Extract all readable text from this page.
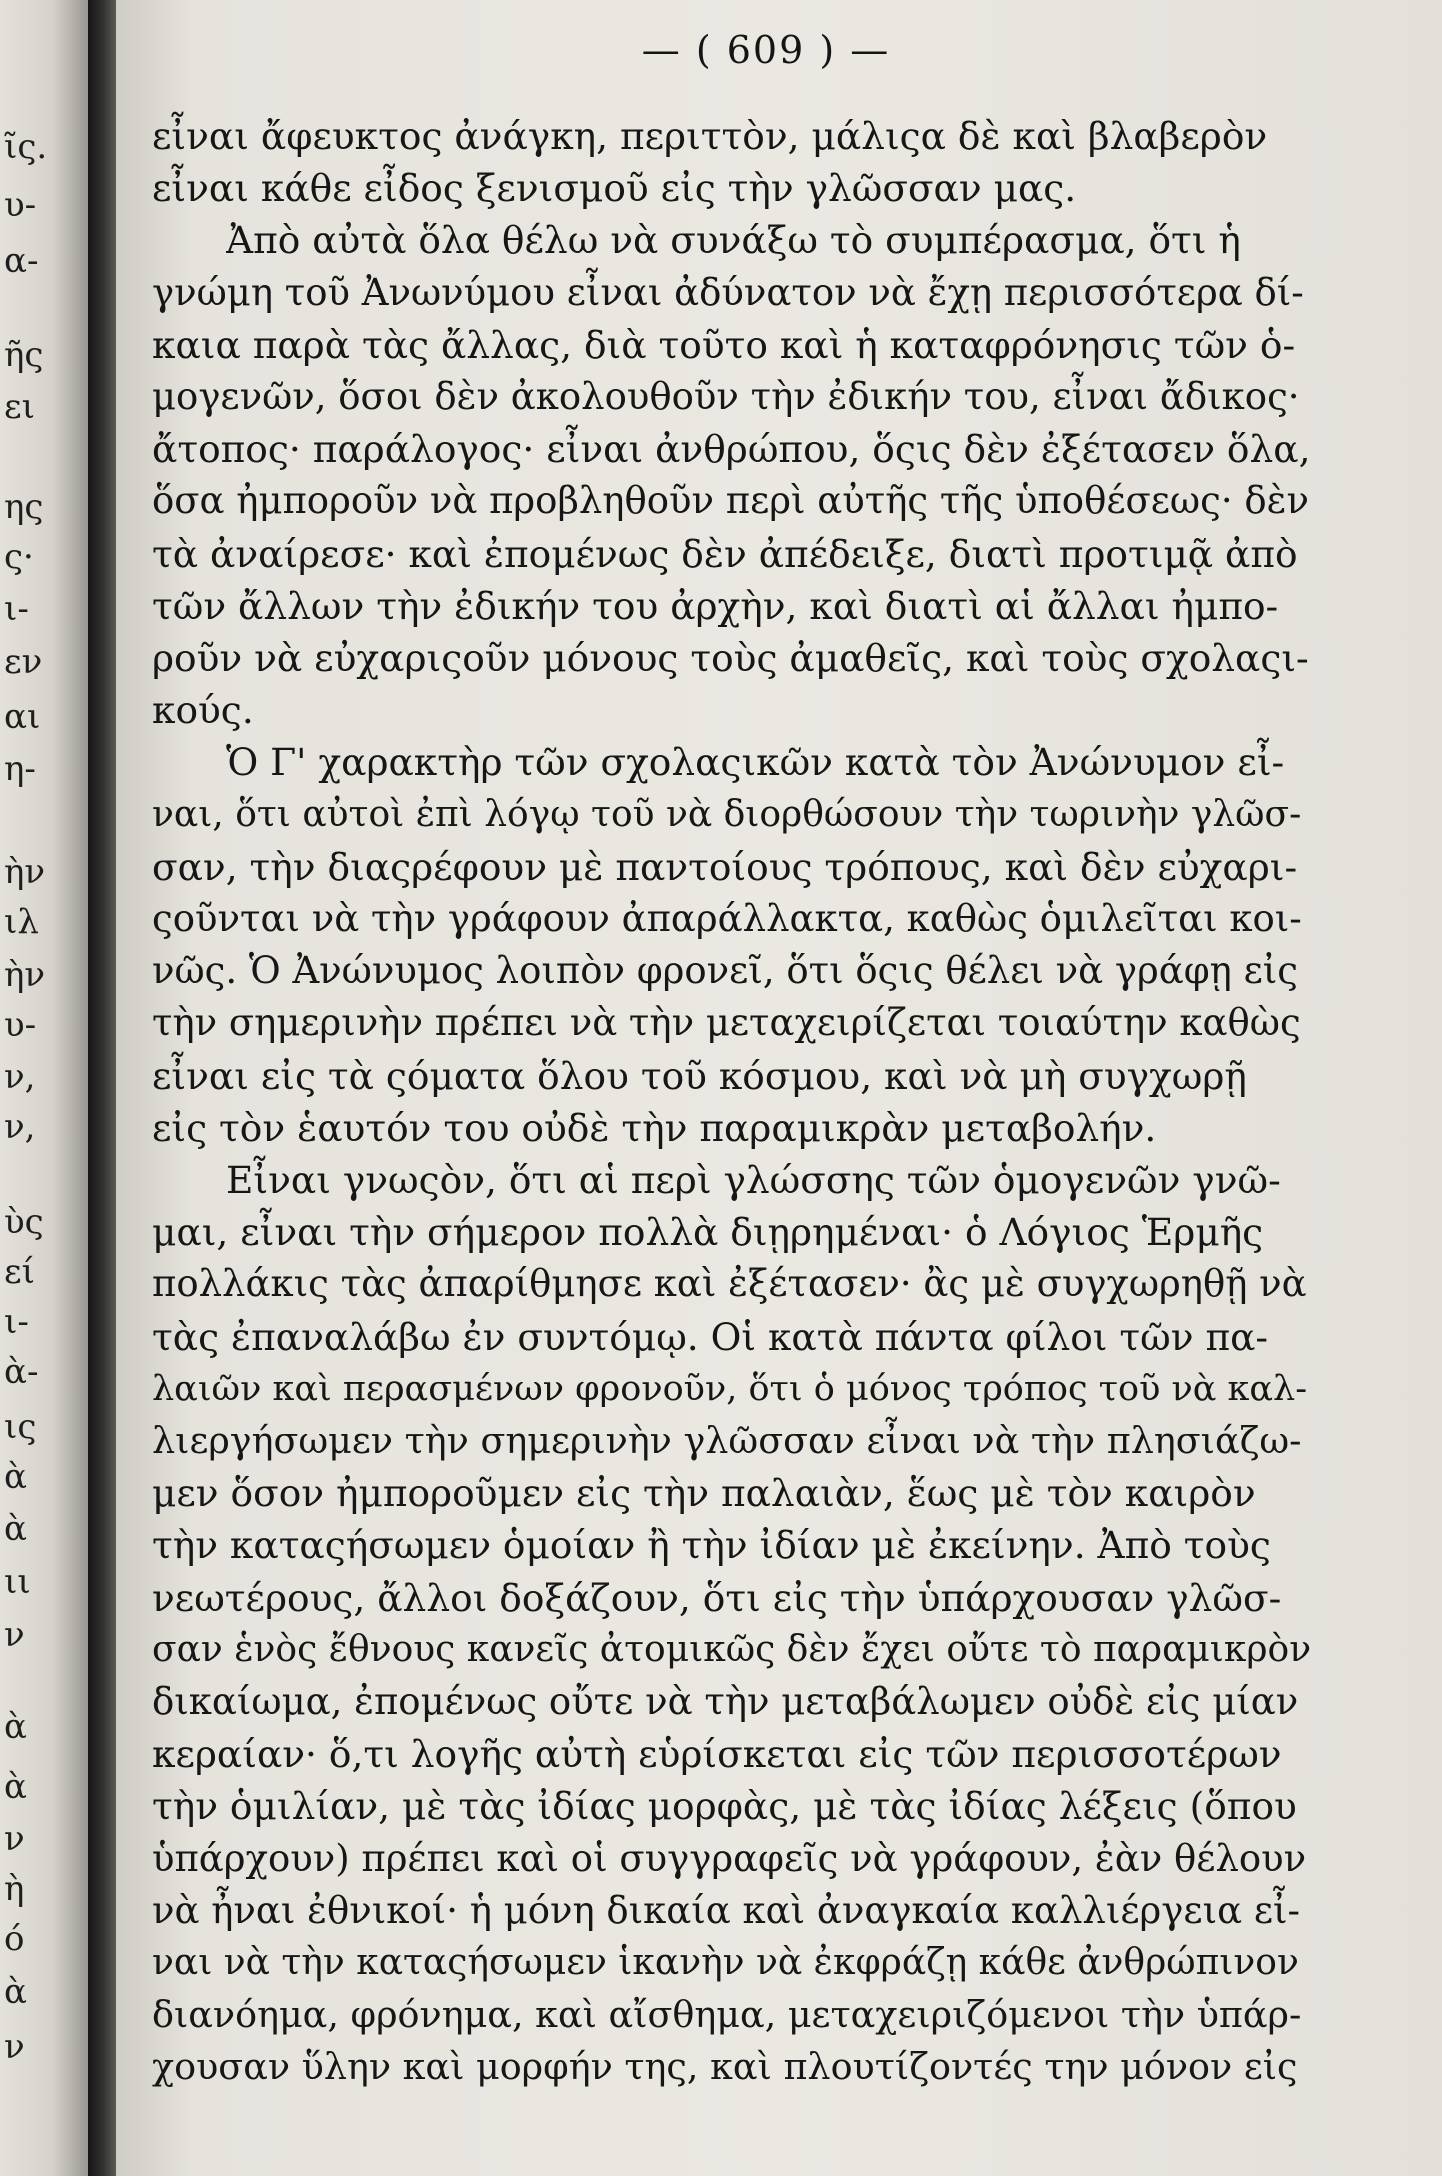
ῖς.
υ-
α-
ῆς
ει
ης
ς·
ι-
εν
αι
η-
ὴν
ιλ
ὴν
υ-
ν,
ν,
ὺς
εί
ι-
ὰ-
ις
ὰ
ὰ
ιι
ν
ὰ
ὰ
ν
ὴ
ό
ὰ
ν
— ( 609 ) —
εἶναι ἄφευκτος ἀνάγκη, περιττὸν, μάλιςα δὲ καὶ βλαβερὸν
εἶναι κάθε εἶδος ξενισμοῦ εἰς τὴν γλῶσσαν μας.
Ἀπὸ αὐτὰ ὅλα θέλω νὰ συνάξω τὸ συμπέρασμα, ὅτι ἡ
γνώμη τοῦ Ἀνωνύμου εἶναι ἀδύνατον νὰ ἔχῃ περισσότερα δί-
καια παρὰ τὰς ἄλλας, διὰ τοῦτο καὶ ἡ καταφρόνησις τῶν ὁ-
μογενῶν, ὅσοι δὲν ἀκολουθοῦν τὴν ἐδικήν του, εἶναι ἄδικος·
ἄτοπος· παράλογος· εἶναι ἀνθρώπου, ὅςις δὲν ἐξέτασεν ὅλα,
ὅσα ἠμποροῦν νὰ προβληθοῦν περὶ αὐτῆς τῆς ὑποθέσεως· δὲν
τὰ ἀναίρεσε· καὶ ἐπομένως δὲν ἀπέδειξε, διατὶ προτιμᾷ ἀπὸ
τῶν ἄλλων τὴν ἐδικήν του ἀρχὴν, καὶ διατὶ αἱ ἄλλαι ἠμπο-
ροῦν νὰ εὐχαριςοῦν μόνους τοὺς ἀμαθεῖς, καὶ τοὺς σχολαςι-
κούς.
Ὁ Γ' χαρακτὴρ τῶν σχολαςικῶν κατὰ τὸν Ἀνώνυμον εἶ-
ναι, ὅτι αὐτοὶ ἐπὶ λόγῳ τοῦ νὰ διορθώσουν τὴν τωρινὴν γλῶσ-
σαν, τὴν διαςρέφουν μὲ παντοίους τρόπους, καὶ δὲν εὐχαρι-
ςοῦνται νὰ τὴν γράφουν ἀπαράλλακτα, καθὼς ὁμιλεῖται κοι-
νῶς. Ὁ Ἀνώνυμος λοιπὸν φρονεῖ, ὅτι ὅςις θέλει νὰ γράφῃ εἰς
τὴν σημερινὴν πρέπει νὰ τὴν μεταχειρίζεται τοιαύτην καθὼς
εἶναι εἰς τὰ ςόματα ὅλου τοῦ κόσμου, καὶ νὰ μὴ συγχωρῇ
εἰς τὸν ἑαυτόν του οὐδὲ τὴν παραμικρὰν μεταβολήν.
Εἶναι γνωςὸν, ὅτι αἱ περὶ γλώσσης τῶν ὁμογενῶν γνῶ-
μαι, εἶναι τὴν σήμερον πολλὰ διῃρημέναι· ὁ Λόγιος Ἑρμῆς
πολλάκις τὰς ἀπαρίθμησε καὶ ἐξέτασεν· ἂς μὲ συγχωρηθῇ νὰ
τὰς ἐπαναλάβω ἐν συντόμῳ. Οἱ κατὰ πάντα φίλοι τῶν πα-
λαιῶν καὶ περασμένων φρονοῦν, ὅτι ὁ μόνος τρόπος τοῦ νὰ καλ-
λιεργήσωμεν τὴν σημερινὴν γλῶσσαν εἶναι νὰ τὴν πλησιάζω-
μεν ὅσον ἠμποροῦμεν εἰς τὴν παλαιὰν, ἕως μὲ τὸν καιρὸν
τὴν καταςήσωμεν ὁμοίαν ἢ τὴν ἰδίαν μὲ ἐκείνην. Ἀπὸ τοὺς
νεωτέρους, ἄλλοι δοξάζουν, ὅτι εἰς τὴν ὑπάρχουσαν γλῶσ-
σαν ἑνὸς ἔθνους κανεῖς ἀτομικῶς δὲν ἔχει οὔτε τὸ παραμικρὸν
δικαίωμα, ἐπομένως οὔτε νὰ τὴν μεταβάλωμεν οὐδὲ εἰς μίαν
κεραίαν· ὅ,τι λογῆς αὐτὴ εὑρίσκεται εἰς τῶν περισσοτέρων
τὴν ὁμιλίαν, μὲ τὰς ἰδίας μορφὰς, μὲ τὰς ἰδίας λέξεις (ὅπου
ὑπάρχουν) πρέπει καὶ οἱ συγγραφεῖς νὰ γράφουν, ἐὰν θέλουν
νὰ ἦναι ἐθνικοί· ἡ μόνη δικαία καὶ ἀναγκαία καλλιέργεια εἶ-
ναι νὰ τὴν καταςήσωμεν ἱκανὴν νὰ ἐκφράζῃ κάθε ἀνθρώπινον
διανόημα, φρόνημα, καὶ αἴσθημα, μεταχειριζόμενοι τὴν ὑπάρ-
χουσαν ὕλην καὶ μορφήν της, καὶ πλουτίζοντές την μόνον εἰς
